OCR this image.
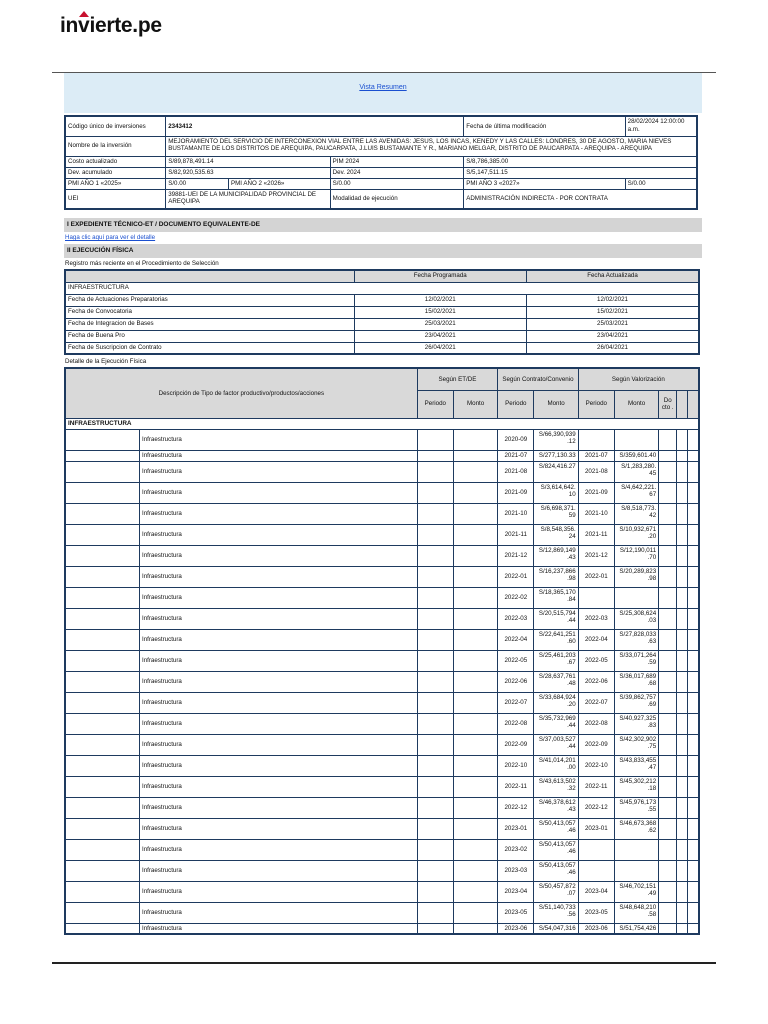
invierte.pe
Vista Resumen
Código único de inversiones	2343412			Fecha de última modificación	28/02/2024 12:00:00 a.m.
Nombre de la inversión	MEJORAMIENTO DEL SERVICIO DE INTERCONEXION VIAL ENTRE LAS AVENIDAS: JESUS, LOS INCAS, KENEDY Y LAS CALLES: LONDRES, 30 DE AGOSTO, MARIA NIEVES BUSTAMANTE DE LOS DISTRITOS DE AREQUIPA, PAUCARPATA, J.LUIS BUSTAMANTE Y R., MARIANO MELGAR, DISTRITO DE PAUCARPATA - AREQUIPA - AREQUIPA				
Costo actualizado	S/89,878,491.14		PIM 2024	S/8,786,385.00	
Dev. acumulado	S/82,920,535.63		Dev. 2024	S/5,147,511.15	
PMI AÑO 1 «2025»	S/0.00	PMI AÑO 2 «2026»	S/0.00	PMI AÑO 3 «2027»	S/0.00
UEI	39881-UEI DE LA MUNICIPALIDAD PROVINCIAL DE AREQUIPA		Modalidad de ejecución	ADMINISTRACIÓN INDIRECTA - POR CONTRATA	
I EXPEDIENTE TÉCNICO-ET / DOCUMENTO EQUIVALENTE-DE
Haga clic aquí para ver el detalle
II EJECUCIÓN FÍSICA
Registro más reciente en el Procedimiento de Selección
	Fecha Programada	Fecha Actualizada
INFRAESTRUCTURA		
Fecha de Actuaciones Preparatorias	12/02/2021	12/02/2021
Fecha de Convocatoria	15/02/2021	15/02/2021
Fecha de Integracion de Bases	25/03/2021	25/03/2021
Fecha de Buena Pro	23/04/2021	23/04/2021
Fecha de Suscripcion de Contrato	26/04/2021	26/04/2021
Detalle de la Ejecución Física
Descripción de Tipo de factor productivo/productos/acciones		Según ET/DE		Según Contrato/Convenio		Según Valorización				
		Periodo	Monto	Periodo	Monto	Periodo	Monto	Do cto .		
INFRAESTRUCTURA										
	Infraestructura			2020-09	S/66,390,939 .12					
	Infraestructura			2021-07	S/277,130.33	2021-07	S/359,601.40			
	Infraestructura			2021-08	S/824,416.27	2021-08	S/1,283,280. 45			
	Infraestructura			2021-09	S/3,614,642. 10	2021-09	S/4,642,221. 67			
	Infraestructura			2021-10	S/6,698,371. 59	2021-10	S/8,518,773. 42			
	Infraestructura			2021-11	S/8,548,356. 24	2021-11	S/10,932,671 .20			
	Infraestructura			2021-12	S/12,869,149 .43	2021-12	S/12,190,011 .70			
	Infraestructura			2022-01	S/16,237,866 .98	2022-01	S/20,289,823 .98			
	Infraestructura			2022-02	S/18,365,170 .84					
	Infraestructura			2022-03	S/20,515,794 .44	2022-03	S/25,308,624 .03			
	Infraestructura			2022-04	S/22,641,251 .60	2022-04	S/27,828,033 .63			
	Infraestructura			2022-05	S/25,461,203 .67	2022-05	S/33,071,264 .59			
	Infraestructura			2022-06	S/28,637,761 .48	2022-06	S/36,017,689 .68			
	Infraestructura			2022-07	S/33,684,924 .20	2022-07	S/39,862,757 .69			
	Infraestructura			2022-08	S/35,732,969 .44	2022-08	S/40,927,325 .83			
	Infraestructura			2022-09	S/37,003,527 .44	2022-09	S/42,302,902 .75			
	Infraestructura			2022-10	S/41,014,201 .00	2022-10	S/43,833,455 .47			
	Infraestructura			2022-11	S/43,613,502 .32	2022-11	S/45,302,212 .18			
	Infraestructura			2022-12	S/46,378,612 .43	2022-12	S/45,976,173 .55			
	Infraestructura			2023-01	S/50,413,057 .46	2023-01	S/46,673,368 .62			
	Infraestructura			2023-02	S/50,413,057 .46					
	Infraestructura			2023-03	S/50,413,057 .46					
	Infraestructura			2023-04	S/50,457,872 .07	2023-04	S/46,702,151 .49			
	Infraestructura			2023-05	S/51,140,733 .56	2023-05	S/48,648,210 .58			
	Infraestructura			2023-06	S/54,047,316	2023-06	S/51,754,426			
